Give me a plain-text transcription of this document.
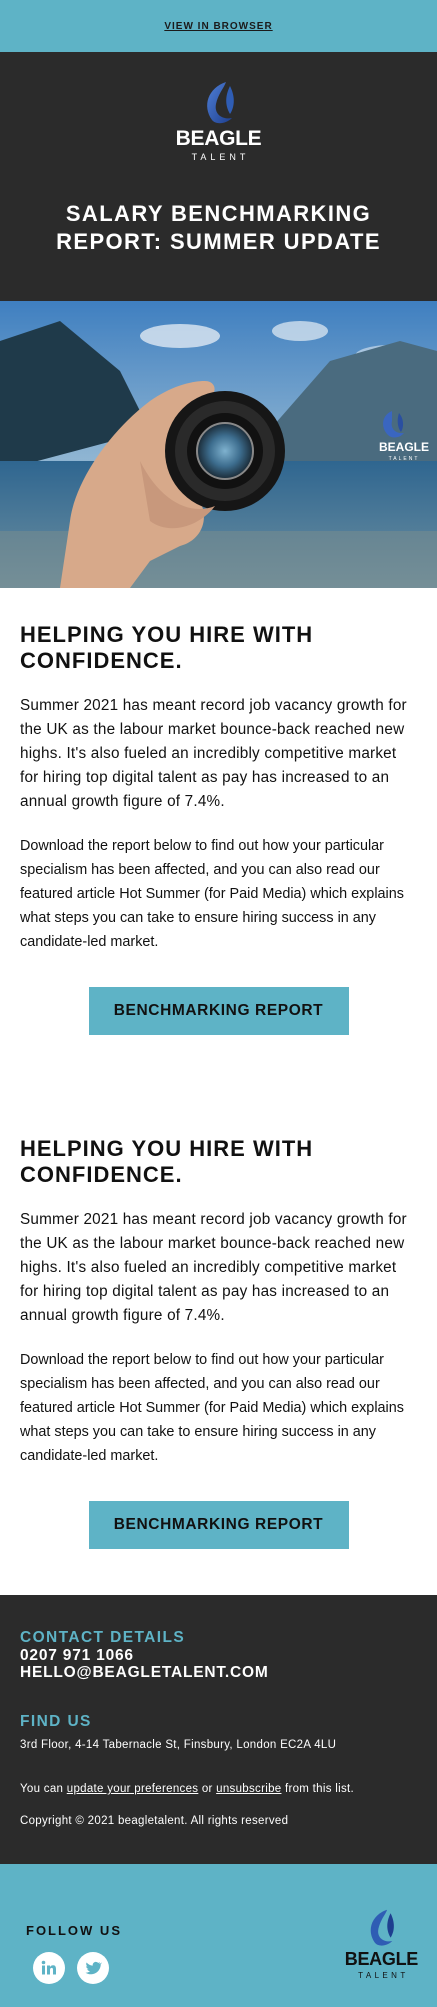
VIEW IN BROWSER
BEAGLE
TALENT
SALARY BENCHMARKING
REPORT: SUMMER UPDATE
BEAGLE
TALENT
HELPING YOU HIRE WITH CONFIDENCE.

Summer 2021 has meant record job vacancy growth for the UK as the labour market bounce-back reached new highs. It's also fueled an incredibly competitive market for hiring top digital talent as pay has increased to an annual growth figure of 7.4%.

Download the report below to find out how your particular specialism has been affected, and you can also read our featured article Hot Summer (for Paid Media) which explains what steps you can take to ensure hiring success in any candidate-led market.

BENCHMARKING REPORT
HELPING YOU HIRE WITH CONFIDENCE.

Summer 2021 has meant record job vacancy growth for the UK as the labour market bounce-back reached new highs. It's also fueled an incredibly competitive market for hiring top digital talent as pay has increased to an annual growth figure of 7.4%.

Download the report below to find out how your particular specialism has been affected, and you can also read our featured article Hot Summer (for Paid Media) which explains what steps you can take to ensure hiring success in any candidate-led market.

BENCHMARKING REPORT
CONTACT DETAILS
0207 971 1066
HELLO@BEAGLETALENT.COM
FIND US
3rd Floor, 4-14 Tabernacle St, Finsbury, London EC2A 4LU
You can update your preferences or unsubscribe from this list.
Copyright © 2021 beagletalent. All rights reserved
FOLLOW US
BEAGLE
TALENT
